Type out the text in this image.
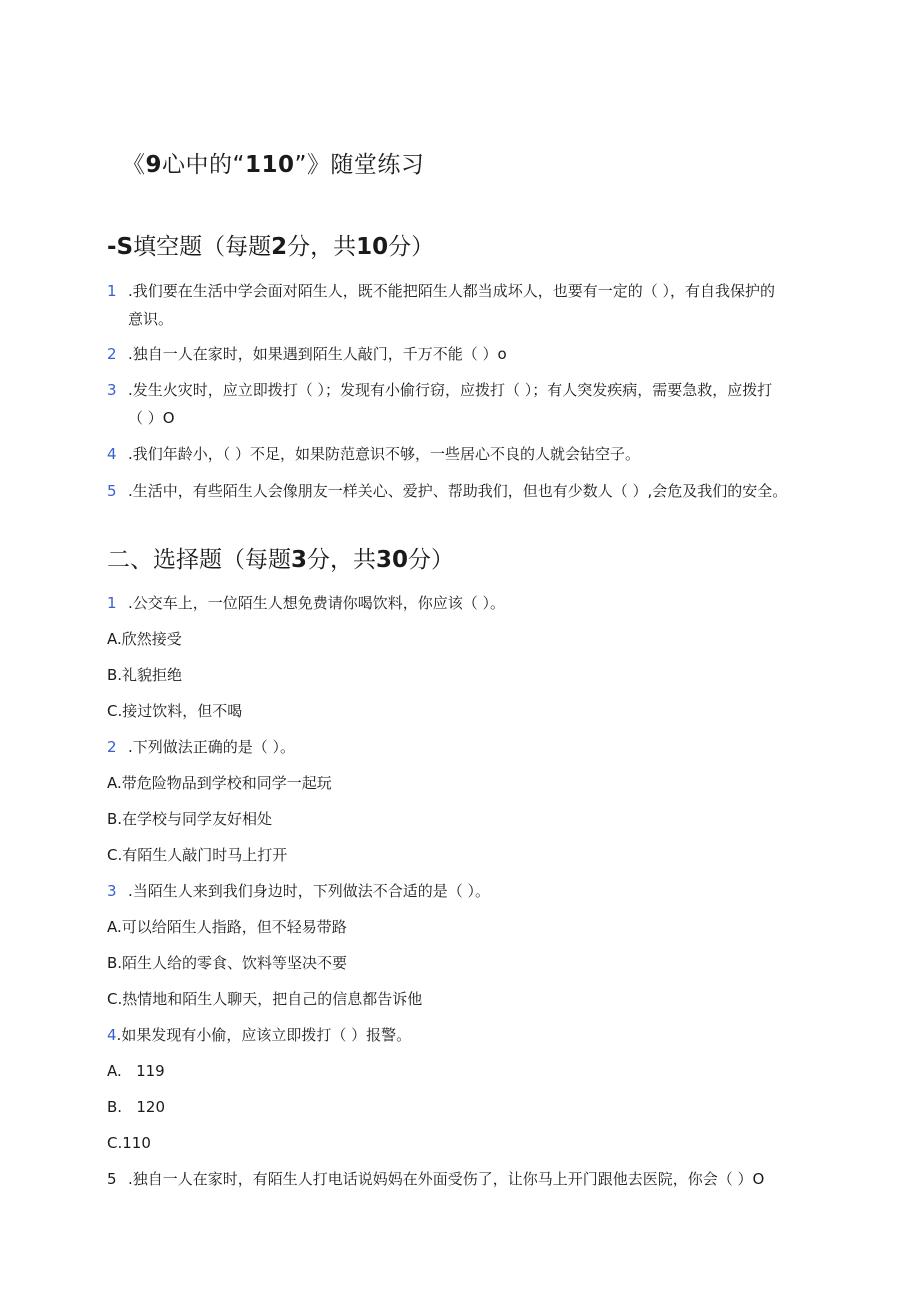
《9心中的“110”》随堂练习
-S填空题（每题2分，共10分）
1 .我们要在生活中学会面对陌生人，既不能把陌生人都当成坏人，也要有一定的（ ），有自我保护的
意识。
2 .独自一人在家时，如果遇到陌生人敲门，千万不能（ ）o
3 .发生火灾时，应立即拨打（ ）；发现有小偷行窃，应拨打（ ）；有人突发疾病，需要急救，应拨打
（ ）O
4 .我们年龄小，（ ）不足，如果防范意识不够，一些居心不良的人就会钻空子。
5 .生活中，有些陌生人会像朋友一样关心、爱护、帮助我们，但也有少数人（ ）,会危及我们的安全。
二、选择题（每题3分，共30分）
1 .公交车上，一位陌生人想免费请你喝饮料，你应该（ ）。
A.欣然接受
B.礼貌拒绝
C.接过饮料，但不喝
2 .下列做法正确的是（ ）。
A.带危险物品到学校和同学一起玩
B.在学校与同学友好相处
C.有陌生人敲门时马上打开
3 .当陌生人来到我们身边时，下列做法不合适的是（ ）。
A.可以给陌生人指路，但不轻易带路
B.陌生人给的零食、饮料等坚决不要
C.热情地和陌生人聊天，把自己的信息都告诉他
4.如果发现有小偷，应该立即拨打（ ）报警。
A.   119
B.   120
C.110
5 .独自一人在家时，有陌生人打电话说妈妈在外面受伤了，让你马上开门跟他去医院，你会（ ）O
